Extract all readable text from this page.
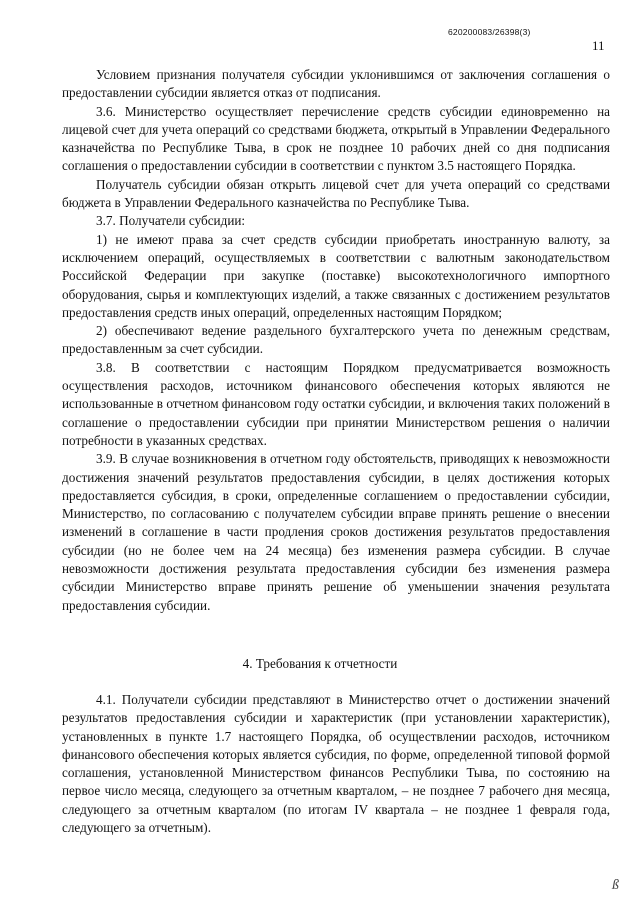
620200083/26398(3)
11

Условием признания получателя субсидии уклонившимся от заключения соглашения о предоставлении субсидии является отказ от подписания.

3.6. Министерство осуществляет перечисление средств субсидии единовременно на лицевой счет для учета операций со средствами бюджета, открытый в Управлении Федерального казначейства по Республике Тыва, в срок не позднее 10 рабочих дней со дня подписания соглашения о предоставлении субсидии в соответствии с пунктом 3.5 настоящего Порядка.

Получатель субсидии обязан открыть лицевой счет для учета операций со средствами бюджета в Управлении Федерального казначейства по Республике Тыва.

3.7. Получатели субсидии:

1) не имеют права за счет средств субсидии приобретать иностранную валюту, за исключением операций, осуществляемых в соответствии с валютным законодательством Российской Федерации при закупке (поставке) высокотехнологичного импортного оборудования, сырья и комплектующих изделий, а также связанных с достижением результатов предоставления средств иных операций, определенных настоящим Порядком;

2) обеспечивают ведение раздельного бухгалтерского учета по денежным средствам, предоставленным за счет субсидии.

3.8. В соответствии с настоящим Порядком предусматривается возможность осуществления расходов, источником финансового обеспечения которых являются не использованные в отчетном финансовом году остатки субсидии, и включения таких положений в соглашение о предоставлении субсидии при принятии Министерством решения о наличии потребности в указанных средствах.

3.9. В случае возникновения в отчетном году обстоятельств, приводящих к невозможности достижения значений результатов предоставления субсидии, в целях достижения которых предоставляется субсидия, в сроки, определенные соглашением о предоставлении субсидии, Министерство, по согласованию с получателем субсидии вправе принять решение о внесении изменений в соглашение в части продления сроков достижения результатов предоставления субсидии (но не более чем на 24 месяца) без изменения размера субсидии. В случае невозможности достижения результата предоставления субсидии без изменения размера субсидии Министерство вправе принять решение об уменьшении значения результата предоставления субсидии.

4. Требования к отчетности

4.1. Получатели субсидии представляют в Министерство отчет о достижении значений результатов предоставления субсидии и характеристик (при установлении характеристик), установленных в пункте 1.7 настоящего Порядка, об осуществлении расходов, источником финансового обеспечения которых является субсидия, по форме, определенной типовой формой соглашения, установленной Министерством финансов Республики Тыва, по состоянию на первое число месяца, следующего за отчетным кварталом, – не позднее 7 рабочего дня месяца, следующего за отчетным кварталом (по итогам IV квартала – не позднее 1 февраля года, следующего за отчетным).

ß
